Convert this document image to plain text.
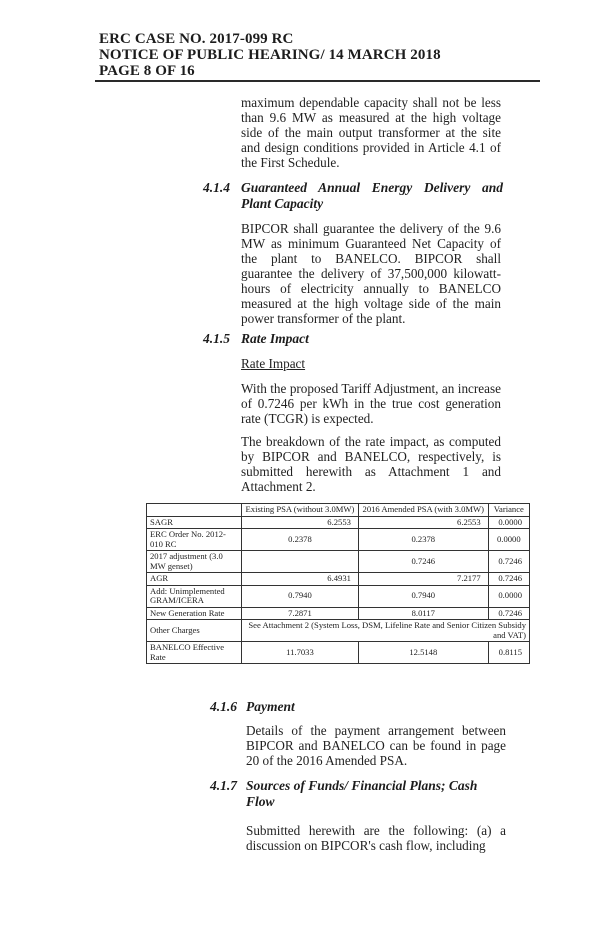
ERC CASE NO. 2017-099 RC
NOTICE OF PUBLIC HEARING/ 14 MARCH 2018
PAGE 8 OF 16
maximum dependable capacity shall not be less than 9.6 MW as measured at the high voltage side of the main output transformer at the site and design conditions provided in Article 4.1 of the First Schedule.
4.1.4 Guaranteed Annual Energy Delivery and Plant Capacity
BIPCOR shall guarantee the delivery of the 9.6 MW as minimum Guaranteed Net Capacity of the plant to BANELCO. BIPCOR shall guarantee the delivery of 37,500,000 kilowatt-hours of electricity annually to BANELCO measured at the high voltage side of the main power transformer of the plant.
4.1.5 Rate Impact
Rate Impact
With the proposed Tariff Adjustment, an increase of 0.7246 per kWh in the true cost generation rate (TCGR) is expected.
The breakdown of the rate impact, as computed by BIPCOR and BANELCO, respectively, is submitted herewith as Attachment 1 and Attachment 2.
	Existing PSA (without 3.0MW)	2016 Amended PSA (with 3.0MW)	Variance
SAGR	6.2553	6.2553	0.0000
ERC Order No. 2012-010 RC	0.2378	0.2378	0.0000
2017 adjustment (3.0 MW genset)		0.7246	0.7246
AGR	6.4931	7.2177	0.7246
Add: Unimplemented GRAM/ICERA	0.7940	0.7940	0.0000
New Generation Rate	7.2871	8.0117	0.7246
Other Charges	See Attachment 2 (System Loss, DSM, Lifeline Rate and Senior Citizen Subsidy and VAT)		
BANELCO Effective Rate	11.7033	12.5148	0.8115
4.1.6 Payment
Details of the payment arrangement between BIPCOR and BANELCO can be found in page 20 of the 2016 Amended PSA.
4.1.7 Sources of Funds/ Financial Plans; Cash Flow
Submitted herewith are the following: (a) a discussion on BIPCOR's cash flow, including
